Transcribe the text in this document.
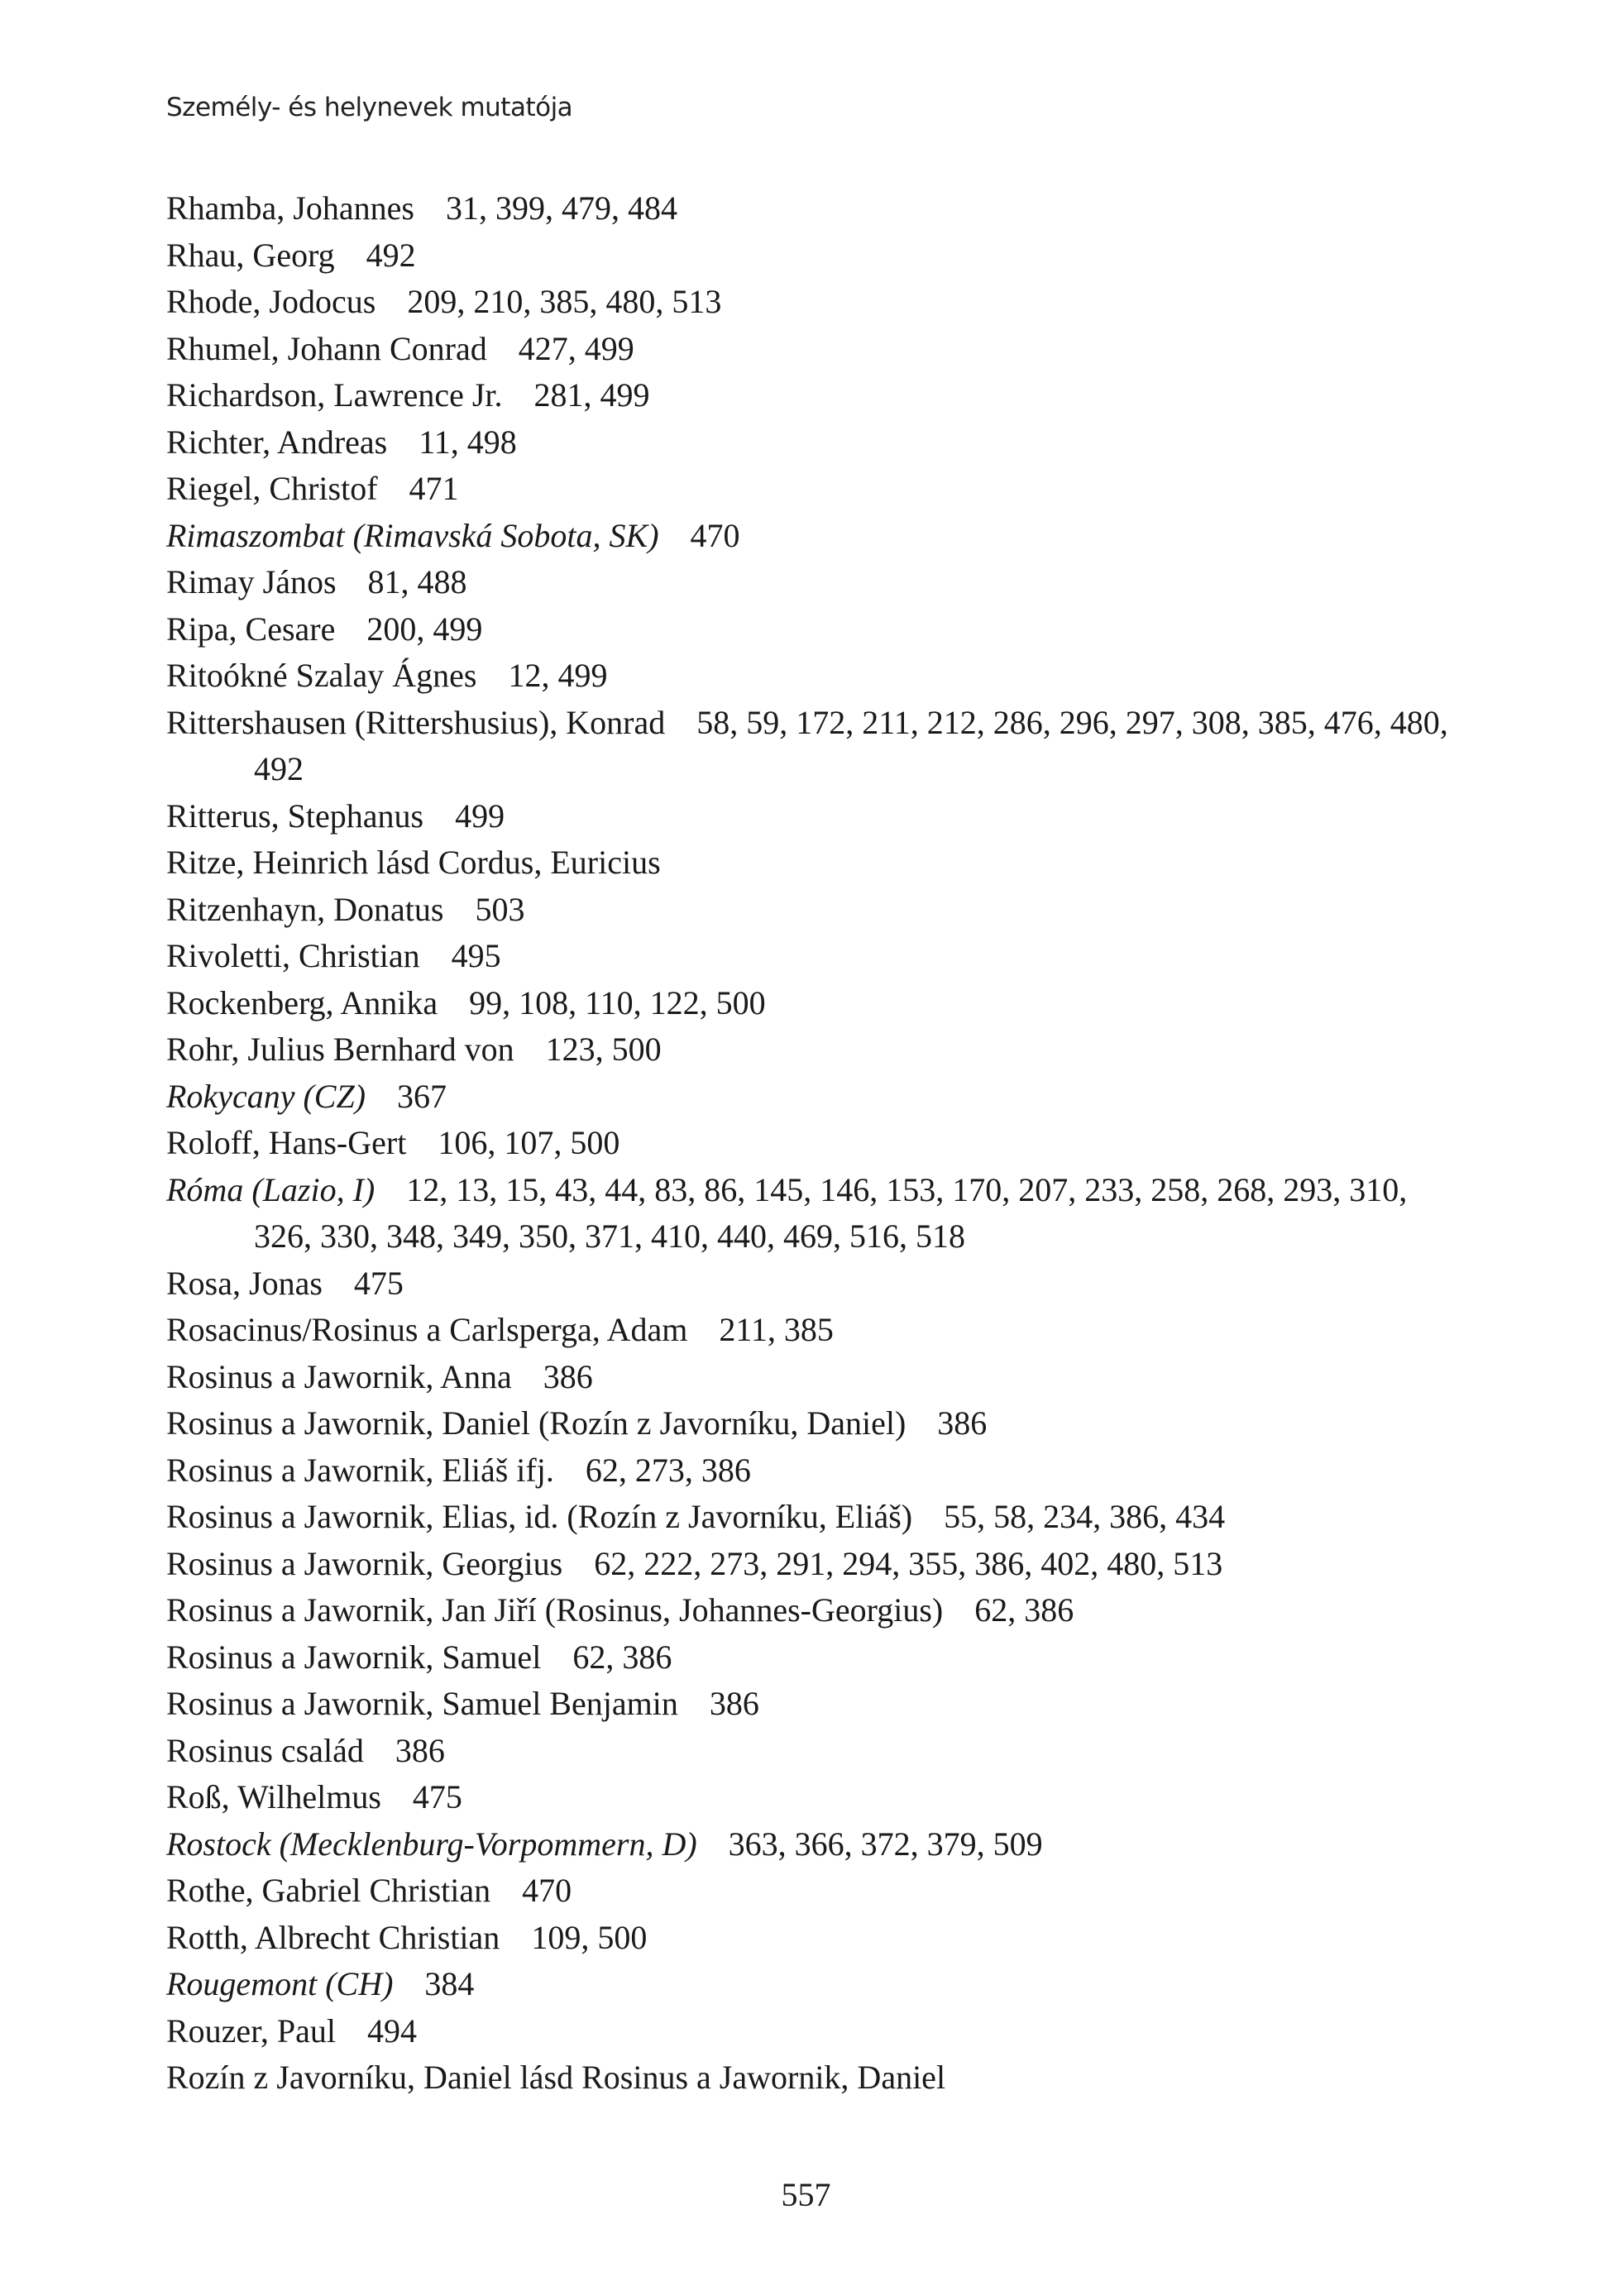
Személy- és helynevek mutatója
Rhamba, Johannes 31, 399, 479, 484
Rhau, Georg 492
Rhode, Jodocus 209, 210, 385, 480, 513
Rhumel, Johann Conrad 427, 499
Richardson, Lawrence Jr. 281, 499
Richter, Andreas 11, 498
Riegel, Christof 471
Rimaszombat (Rimavská Sobota, SK) 470
Rimay János 81, 488
Ripa, Cesare 200, 499
Ritoókné Szalay Ágnes 12, 499
Rittershausen (Rittershusius), Konrad 58, 59, 172, 211, 212, 286, 296, 297, 308, 385, 476, 480, 492
Ritterus, Stephanus 499
Ritze, Heinrich lásd Cordus, Euricius
Ritzenhayn, Donatus 503
Rivoletti, Christian 495
Rockenberg, Annika 99, 108, 110, 122, 500
Rohr, Julius Bernhard von 123, 500
Rokycany (CZ) 367
Roloff, Hans-Gert 106, 107, 500
Róma (Lazio, I) 12, 13, 15, 43, 44, 83, 86, 145, 146, 153, 170, 207, 233, 258, 268, 293, 310, 326, 330, 348, 349, 350, 371, 410, 440, 469, 516, 518
Rosa, Jonas 475
Rosacinus/Rosinus a Carlsperga, Adam 211, 385
Rosinus a Jawornik, Anna 386
Rosinus a Jawornik, Daniel (Rozín z Javorníku, Daniel) 386
Rosinus a Jawornik, Eliáš ifj. 62, 273, 386
Rosinus a Jawornik, Elias, id. (Rozín z Javorníku, Eliáš) 55, 58, 234, 386, 434
Rosinus a Jawornik, Georgius 62, 222, 273, 291, 294, 355, 386, 402, 480, 513
Rosinus a Jawornik, Jan Jiří (Rosinus, Johannes-Georgius) 62, 386
Rosinus a Jawornik, Samuel 62, 386
Rosinus a Jawornik, Samuel Benjamin 386
Rosinus család 386
Roß, Wilhelmus 475
Rostock (Mecklenburg-Vorpommern, D) 363, 366, 372, 379, 509
Rothe, Gabriel Christian 470
Rotth, Albrecht Christian 109, 500
Rougemont (CH) 384
Rouzer, Paul 494
Rozín z Javorníku, Daniel lásd Rosinus a Jawornik, Daniel
557
